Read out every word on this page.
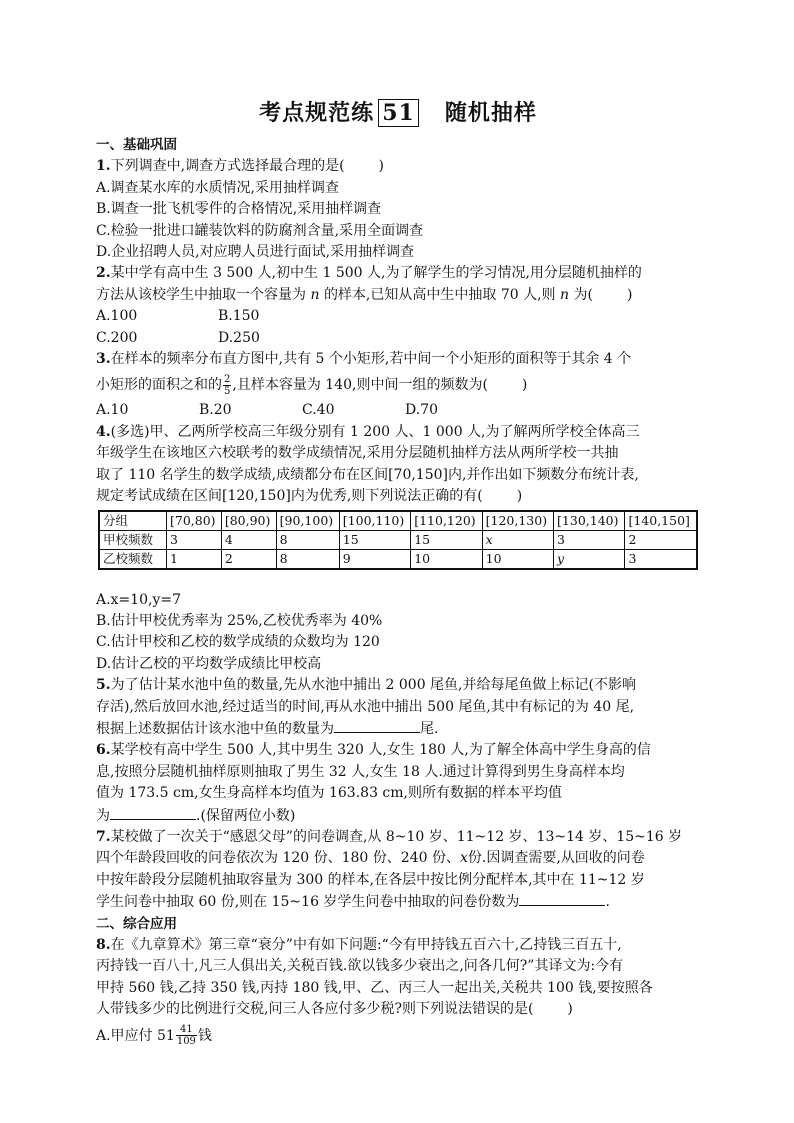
考点规范练 51 随机抽样

一、基础巩固

1.下列调查中,调查方式选择最合理的是( )

A.调查某水库的水质情况,采用抽样调查

B.调查一批飞机零件的合格情况,采用抽样调查

C.检验一批进口罐装饮料的防腐剂含量,采用全面调查

D.企业招聘人员,对应聘人员进行面试,采用抽样调查

2.某中学有高中生 3 500 人,初中生 1 500 人,为了解学生的学习情况,用分层随机抽样的

方法从该校学生中抽取一个容量为 n 的样本,已知从高中生中抽取 70 人,则 n 为( )

A.100	B.150
C.200	D.250

3.在样本的频率分布直方图中,共有 5 个小矩形,若中间一个小矩形的面积等于其余 4 个

小矩形的面积之和的 $\frac{2}{5}$ ,且样本容量为 140,则中间一组的频数为( )

A.10	B.20	C.40	D.70

4.(多选)甲、乙两所学校高三年级分别有 1 200 人、1 000 人,为了解两所学校全体高三

年级学生在该地区六校联考的数学成绩情况,采用分层随机抽样方法从两所学校一共抽

取了 110 名学生的数学成绩,成绩都分布在区间[70,150]内,并作出如下频数分布统计表,

规定考试成绩在区间[120,150]内为优秀,则下列说法正确的有( )

分组	[70,80)	[80,90)	[90,100)	[100,110)	[110,120)	[120,130)	[130,140)	[140,150]
甲校频数	3	4	8	15	15	x	3	2
乙校频数	1	2	8	9	10	10	y	3

A.x=10,y=7

B.估计甲校优秀率为 25%,乙校优秀率为 40%

C.估计甲校和乙校的数学成绩的众数均为 120

D.估计乙校的平均数学成绩比甲校高

5.为了估计某水池中鱼的数量,先从水池中捕出 2 000 尾鱼,并给每尾鱼做上标记(不影响

存活),然后放回水池,经过适当的时间,再从水池中捕出 500 尾鱼,其中有标记的为 40 尾,

根据上述数据估计该水池中鱼的数量为	尾.

6.某学校有高中学生 500 人,其中男生 320 人,女生 180 人,为了解全体高中学生身高的信

息,按照分层随机抽样原则抽取了男生 32 人,女生 18 人.通过计算得到男生身高样本均

值为 173.5 cm,女生身高样本均值为 163.83 cm,则所有数据的样本平均值

为	.(保留两位小数)

7.某校做了一次关于“感恩父母”的问卷调查,从 8~10 岁、11~12 岁、13~14 岁、15~16 岁

四个年龄段回收的问卷依次为 120 份、180 份、240 份、x份.因调查需要,从回收的问卷

中按年龄段分层随机抽取容量为 300 的样本,在各层中按比例分配样本,其中在 11~12 岁

学生问卷中抽取 60 份,则在 15~16 岁学生问卷中抽取的问卷份数为	.

二、综合应用

8.在《九章算术》第三章“衰分”中有如下问题:“今有甲持钱五百六十,乙持钱三百五十,

丙持钱一百八十,凡三人俱出关,关税百钱.欲以钱多少衰出之,问各几何?”其译文为:今有

甲持 560 钱,乙持 350 钱,丙持 180 钱,甲、乙、丙三人一起出关,关税共 100 钱,要按照各

人带钱多少的比例进行交税,问三人各应付多少税?则下列说法错误的是( )

A.甲应付 $51 \frac{41}{109}$ 钱
